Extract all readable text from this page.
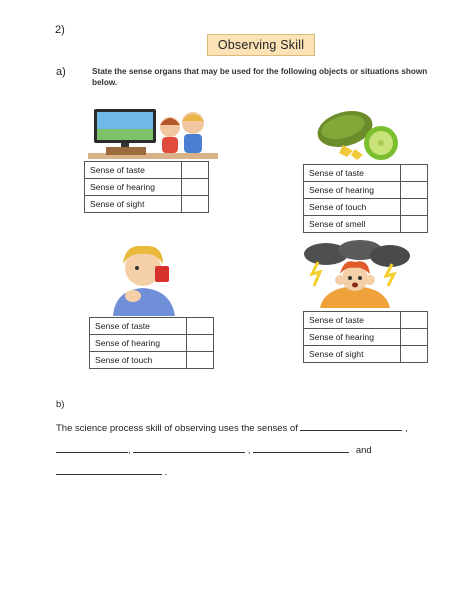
2)
Observing Skill
a)	State the sense organs that may be used for the following objects or situations shown below.
Sense of taste	
Sense of hearing	
Sense of sight	
Sense of taste	
Sense of hearing	
Sense of touch	
Sense of smell	
Sense of taste	
Sense of hearing	
Sense of touch	
Sense of taste	
Sense of hearing	
Sense of sight	
b)
The science process skill of observing uses the senses of	,
,	,	and
.
